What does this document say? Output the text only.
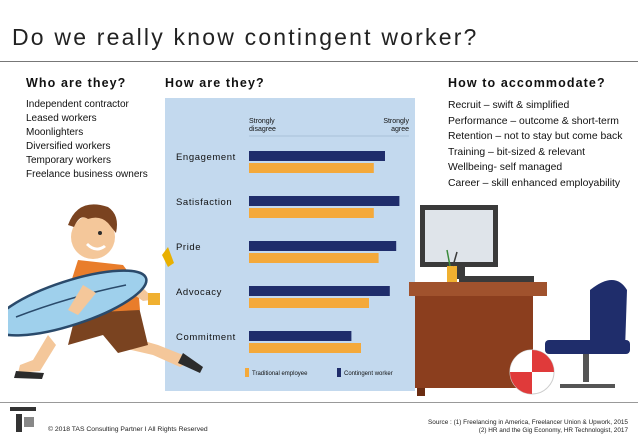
Do we really know contingent worker?
Who are they?	How are they?	How to accommodate?
Independent contractor
Leased workers
Moonlighters
Diversified workers
Temporary workers
Freelance business owners
Recruit – swift & simplified
Performance – outcome & short-term
Retention – not to stay but come back
Training – bit-sized & relevant
Wellbeing- self managed
Career – skill enhanced employability
Strongly
disagree
Strongly
agree
Engagement
Satisfaction
Pride
Advocacy
Commitment
Traditional employee	Contingent worker
© 2018 TAS Consulting Partner I All Rights Reserved
Source : (1) Freelancing in America, Freelancer Union & Upwork, 2015
(2) HR and the Gig Economy, HR Technologist, 2017
